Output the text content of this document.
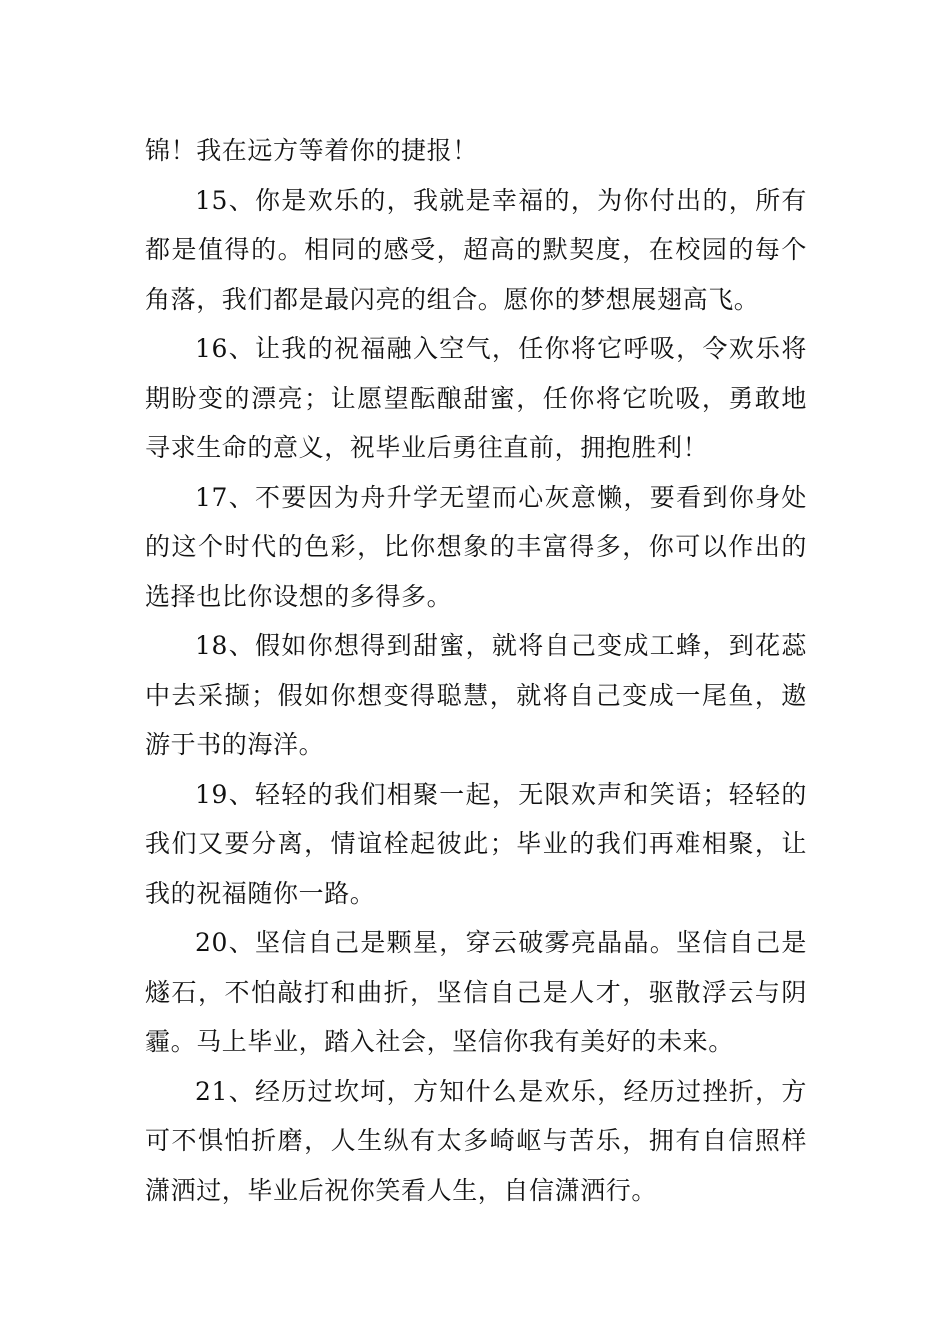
锦！我在远方等着你的捷报！

15、你是欢乐的，我就是幸福的，为你付出的，所有都是值得的。相同的感受，超高的默契度，在校园的每个角落，我们都是最闪亮的组合。愿你的梦想展翅高飞。

16、让我的祝福融入空气，任你将它呼吸，令欢乐将期盼变的漂亮；让愿望酝酿甜蜜，任你将它吮吸，勇敢地寻求生命的意义，祝毕业后勇往直前，拥抱胜利！

17、不要因为舟升学无望而心灰意懒，要看到你身处的这个时代的色彩，比你想象的丰富得多，你可以作出的选择也比你设想的多得多。

18、假如你想得到甜蜜，就将自己变成工蜂，到花蕊中去采撷；假如你想变得聪慧，就将自己变成一尾鱼，遨游于书的海洋。

19、轻轻的我们相聚一起，无限欢声和笑语；轻轻的我们又要分离，情谊栓起彼此；毕业的我们再难相聚，让我的祝福随你一路。

20、坚信自己是颗星，穿云破雾亮晶晶。坚信自己是燧石，不怕敲打和曲折，坚信自己是人才，驱散浮云与阴霾。马上毕业，踏入社会，坚信你我有美好的未来。

21、经历过坎坷，方知什么是欢乐，经历过挫折，方可不惧怕折磨，人生纵有太多崎岖与苦乐，拥有自信照样潇洒过，毕业后祝你笑看人生，自信潇洒行。
